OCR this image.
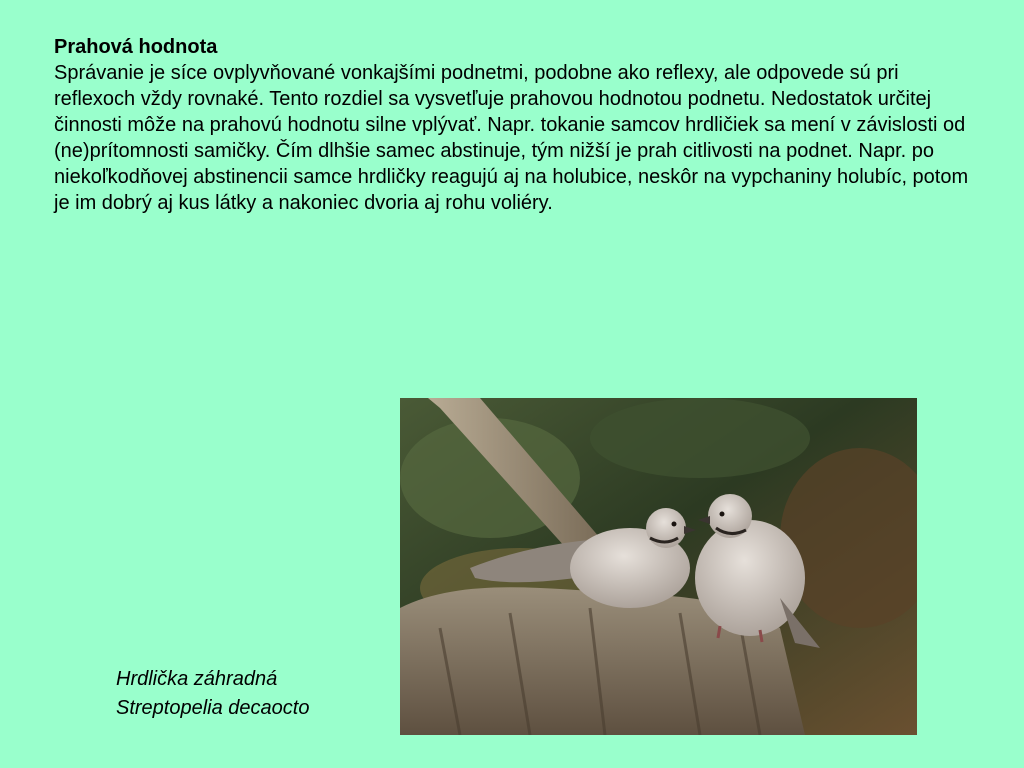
Prahová hodnota

Správanie je síce ovplyvňované vonkajšími podnetmi, podobne ako reflexy, ale odpovede sú pri reflexoch vždy rovnaké. Tento rozdiel sa vysvetľuje prahovou hodnotou podnetu. Nedostatok určitej činnosti môže na prahovú hodnotu silne vplývať. Napr. tokanie samcov hrdličiek sa mení v závislosti od (ne)prítomnosti samičky. Čím dlhšie samec abstinuje, tým nižší je prah citlivosti na podnet. Napr. po niekoľkodňovej abstinencii samce hrdličky reagujú aj na holubice, neskôr na vypchaniny holubíc, potom je im dobrý aj kus látky a nakoniec dvoria aj rohu voliéry.

Hrdlička záhradná
Streptopelia decaocto
